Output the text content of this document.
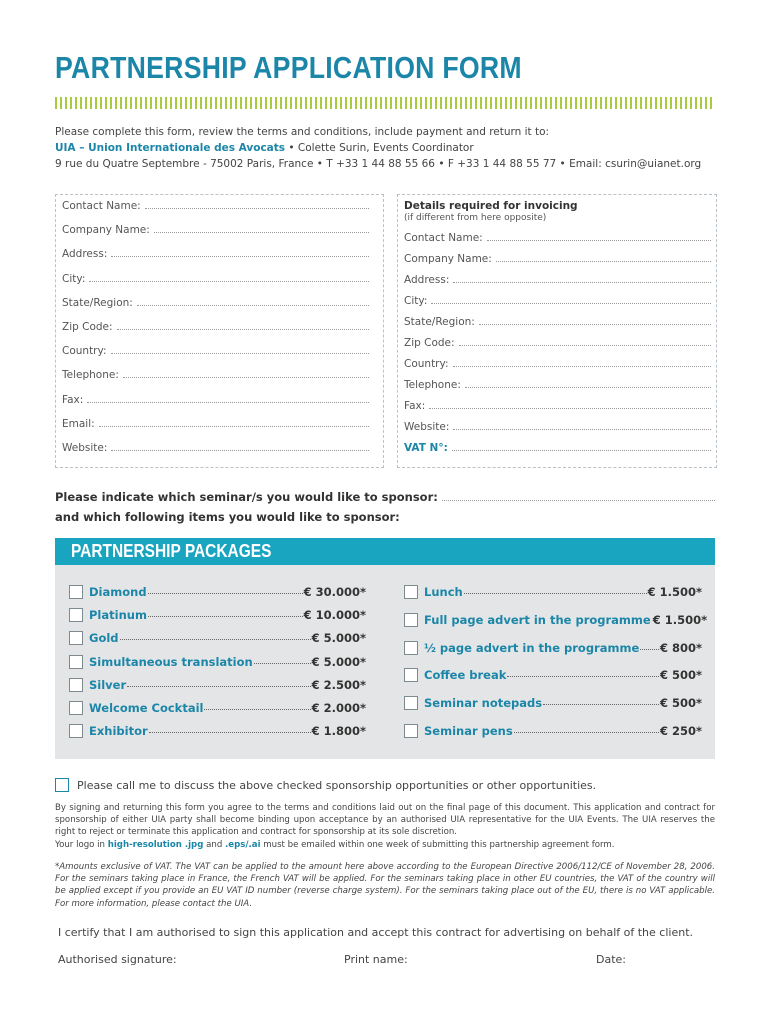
PARTNERSHIP APPLICATION FORM
Please complete this form, review the terms and conditions, include payment and return it to:
UIA – Union Internationale des Avocats • Colette Surin, Events Coordinator
9 rue du Quatre Septembre - 75002 Paris, France • T +33 1 44 88 55 66 • F +33 1 44 88 55 77 • Email: csurin@uianet.org
Contact Name:
Company Name:
Address:
City:
State/Region:
Zip Code:
Country:
Telephone:
Fax:
Email:
Website:
Details required for invoicing
(if different from here opposite)
Contact Name:
Company Name:
Address:
City:
State/Region:
Zip Code:
Country:
Telephone:
Fax:
Website:
VAT N°:
Please indicate which seminar/s you would like to sponsor:
and which following items you would like to sponsor:
PARTNERSHIP PACKAGES
Diamond	€ 30.000*
Platinum	€ 10.000*
Gold	€ 5.000*
Simultaneous translation	€ 5.000*
Silver	€ 2.500*
Welcome Cocktail	€ 2.000*
Exhibitor	€ 1.800*
Lunch	€ 1.500*
Full page advert in the programme € 1.500*
½ page advert in the programme € 800*
Coffee break	€ 500*
Seminar notepads	€ 500*
Seminar pens	€ 250*
Please call me to discuss the above checked sponsorship opportunities or other opportunities.
By signing and returning this form you agree to the terms and conditions laid out on the final page of this document. This application and contract for sponsorship of either UIA party shall become binding upon acceptance by an authorised UIA representative for the UIA Events. The UIA reserves the right to reject or terminate this application and contract for sponsorship at its sole discretion.
Your logo in high-resolution .jpg and .eps/.ai must be emailed within one week of submitting this partnership agreement form.
*Amounts exclusive of VAT. The VAT can be applied to the amount here above according to the European Directive 2006/112/CE of November 28, 2006. For the seminars taking place in France, the French VAT will be applied. For the seminars taking place in other EU countries, the VAT of the country will be applied except if you provide an EU VAT ID number (reverse charge system). For the seminars taking place out of the EU, there is no VAT applicable. For more information, please contact the UIA.
I certify that I am authorised to sign this application and accept this contract for advertising on behalf of the client.
Authorised signature:	Print name:	Date:
